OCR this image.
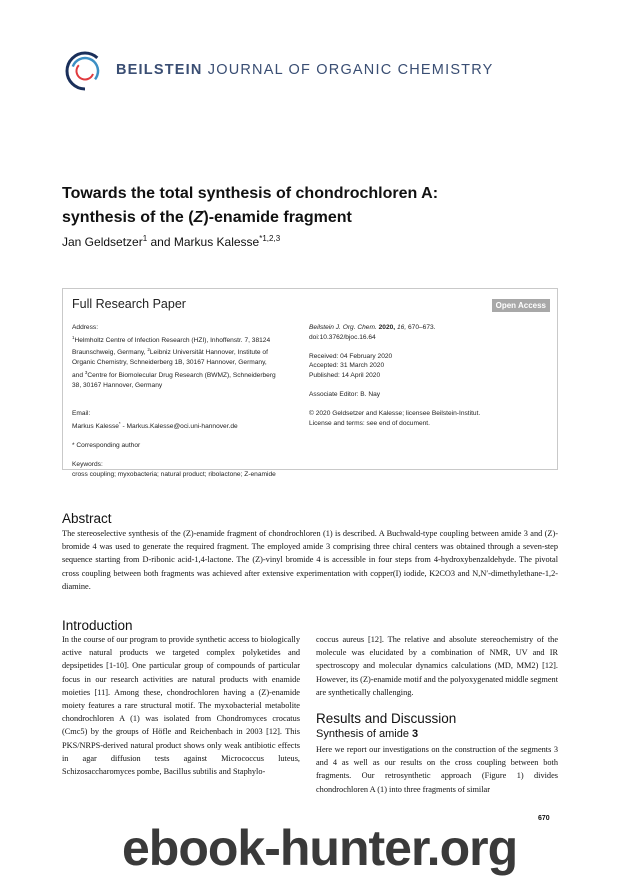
BEILSTEIN JOURNAL OF ORGANIC CHEMISTRY
Towards the total synthesis of chondrochloren A:
synthesis of the (Z)-enamide fragment
Jan Geldsetzer$^1$ and Markus Kalesse$^{*1,2,3}$
Full Research Paper	Open Access
Address:
$^1$Helmholtz Centre of Infection Research (HZI), Inhoffenstr. 7, 38124
Braunschweig, Germany, $^2$Leibniz Universität Hannover, Institute of
Organic Chemistry, Schneiderberg 1B, 30167 Hannover, Germany,
and $^3$Centre for Biomolecular Drug Research (BWMZ), Schneiderberg
38, 30167 Hannover, Germany
Email:
Markus Kalesse* - Markus.Kalesse@oci.uni-hannover.de
* Corresponding author
Keywords:
cross coupling; myxobacteria; natural product; ribolactone; Z-enamide
Beilstein J. Org. Chem. 2020, 16, 670–673.
doi:10.3762/bjoc.16.64
Received: 04 February 2020
Accepted: 31 March 2020
Published: 14 April 2020
Associate Editor: B. Nay
© 2020 Geldsetzer and Kalesse; licensee Beilstein-Institut.
License and terms: see end of document.
Abstract
The stereoselective synthesis of the (Z)-enamide fragment of chondrochloren (1) is described. A Buchwald-type coupling between amide 3 and (Z)-bromide 4 was used to generate the required fragment. The employed amide 3 comprising three chiral centers was obtained through a seven-step sequence starting from D-ribonic acid-1,4-lactone. The (Z)-vinyl bromide 4 is accessible in four steps from 4-hydroxybenzaldehyde. The pivotal cross coupling between both fragments was achieved after extensive experimentation with copper(I) iodide, K2CO3 and N,N′-dimethylethane-1,2-diamine.
Introduction
In the course of our program to provide synthetic access to biologically active natural products we targeted complex polyketides and depsipetides [1-10]. One particular group of compounds of particular focus in our research activities are natural products with enamide moieties [11]. Among these, chondrochloren having a (Z)-enamide moiety features a rare structural motif. The myxobacterial metabolite chondrochloren A (1) was isolated from Chondromyces crocatus (Cmc5) by the groups of Höfle and Reichenbach in 2003 [12]. This PKS/NRPS-derived natural product shows only weak antibiotic effects in agar diffusion tests against Micrococcus luteus, Schizosaccharomyces pombe, Bacillus subtilis and Staphylo-
coccus aureus [12]. The relative and absolute stereochemistry of the molecule was elucidated by a combination of NMR, UV and IR spectroscopy and molecular dynamics calculations (MD, MM2) [12]. However, its (Z)-enamide motif and the polyoxygenated middle segment are synthetically challenging.
Results and Discussion
Synthesis of amide 3
Here we report our investigations on the construction of the segments 3 and 4 as well as our results on the cross coupling between both fragments. Our retrosynthetic approach (Figure 1) divides chondrochloren A (1) into three fragments of similar
670
ebook-hunter.org
